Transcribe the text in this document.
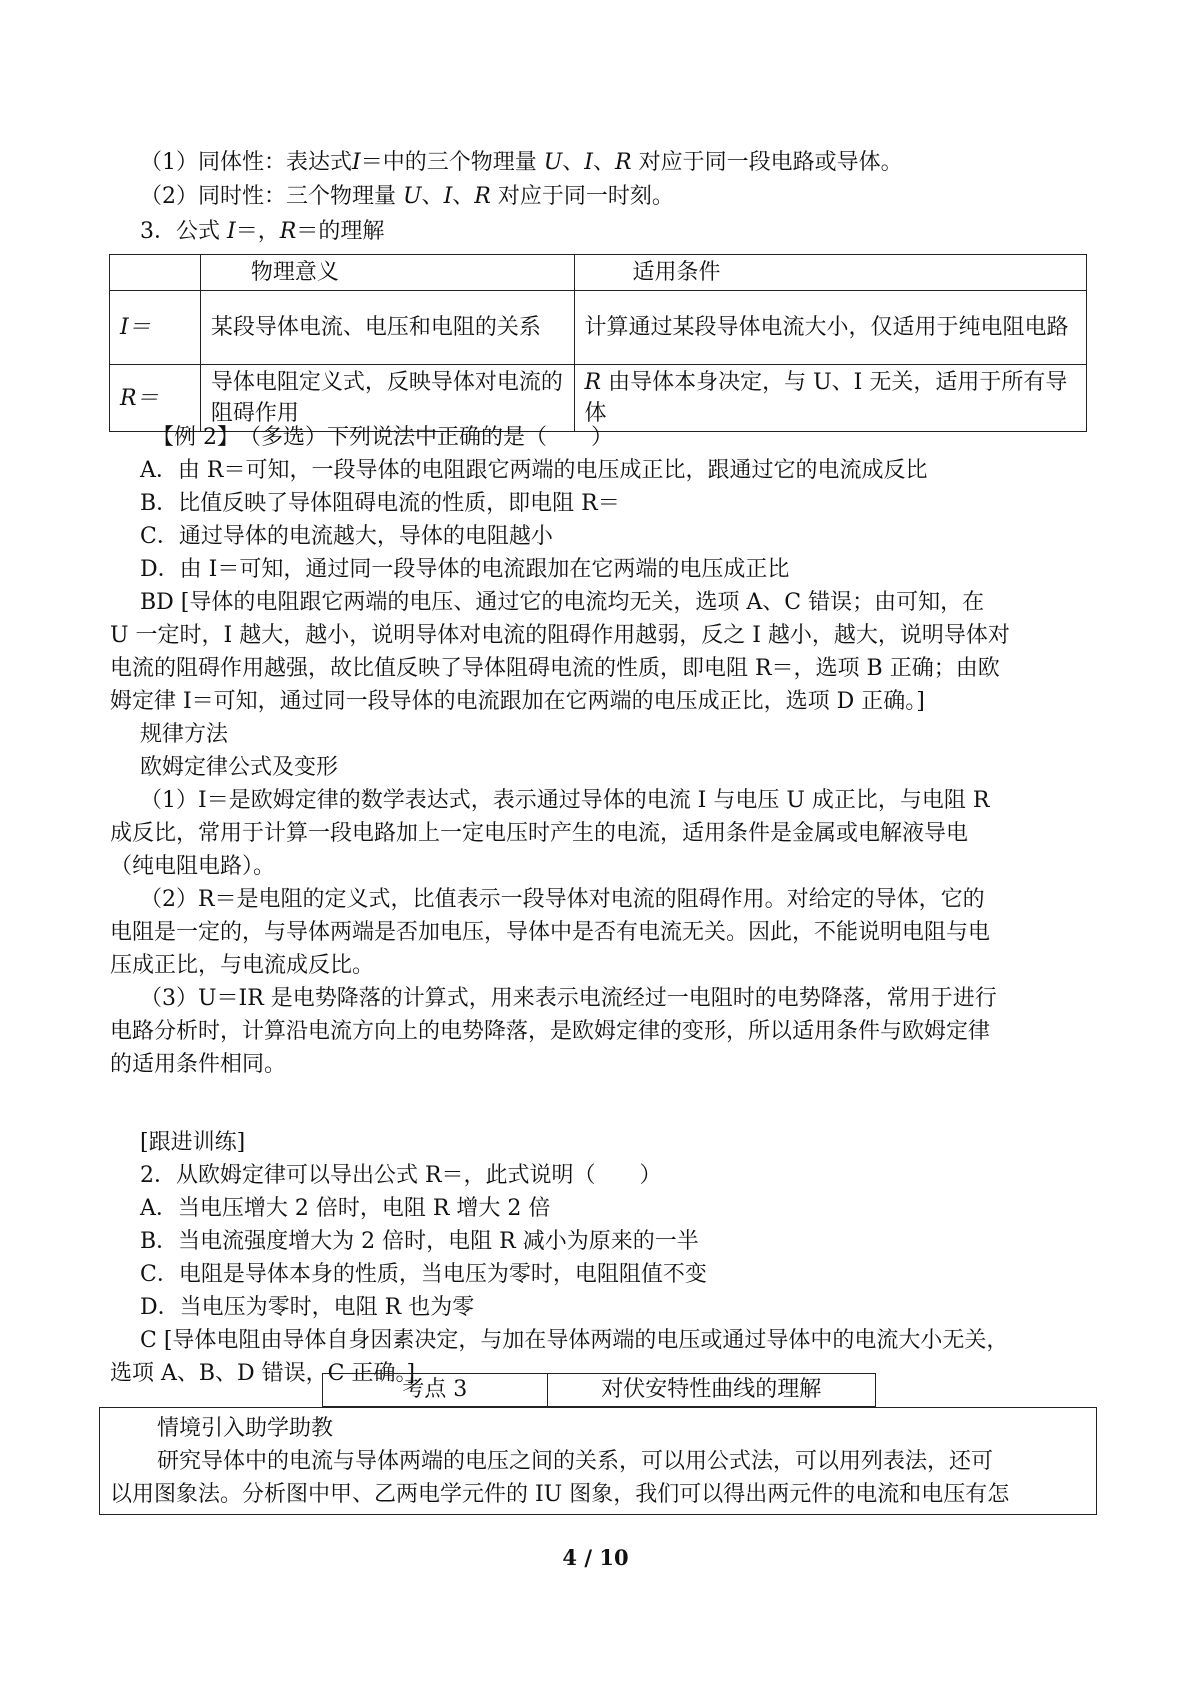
（1）同体性：表达式I＝中的三个物理量 U、I、R 对应于同一段电路或导体。
（2）同时性：三个物理量 U、I、R 对应于同一时刻。
3．公式 I＝，R＝的理解
	物理意义	适用条件
I＝	某段导体电流、电压和电阻的关系	计算通过某段导体电流大小，仅适用于纯电阻电路
R＝	导体电阻定义式，反映导体对电流的阻碍作用	R 由导体本身决定，与 U、I 无关，适用于所有导体
【例 2】　（多选）下列说法中正确的是（　　）
A．由 R＝可知，一段导体的电阻跟它两端的电压成正比，跟通过它的电流成反比
B．比值反映了导体阻碍电流的性质，即电阻 R＝
C．通过导体的电流越大，导体的电阻越小
D．由 I＝可知，通过同一段导体的电流跟加在它两端的电压成正比
BD [导体的电阻跟它两端的电压、通过它的电流均无关，选项 A、C 错误；由可知，在
U 一定时，I 越大，越小，说明导体对电流的阻碍作用越弱，反之 I 越小，越大，说明导体对
电流的阻碍作用越强，故比值反映了导体阻碍电流的性质，即电阻 R＝，选项 B 正确；由欧
姆定律 I＝可知，通过同一段导体的电流跟加在它两端的电压成正比，选项 D 正确。]
规律方法
欧姆定律公式及变形
（1）I＝是欧姆定律的数学表达式，表示通过导体的电流 I 与电压 U 成正比，与电阻 R
成反比，常用于计算一段电路加上一定电压时产生的电流，适用条件是金属或电解液导电
（纯电阻电路）。
（2）R＝是电阻的定义式，比值表示一段导体对电流的阻碍作用。对给定的导体，它的
电阻是一定的，与导体两端是否加电压，导体中是否有电流无关。因此，不能说明电阻与电
压成正比，与电流成反比。
（3）U＝IR 是电势降落的计算式，用来表示电流经过一电阻时的电势降落，常用于进行
电路分析时，计算沿电流方向上的电势降落，是欧姆定律的变形，所以适用条件与欧姆定律
的适用条件相同。
[跟进训练]
2．从欧姆定律可以导出公式 R＝，此式说明（　　）
A．当电压增大 2 倍时，电阻 R 增大 2 倍
B．当电流强度增大为 2 倍时，电阻 R 减小为原来的一半
C．电阻是导体本身的性质，当电压为零时，电阻阻值不变
D．当电压为零时，电阻 R 也为零
C [导体电阻由导体自身因素决定，与加在导体两端的电压或通过导体中的电流大小无关，
选项 A、B、D 错误，C 正确。]
考点 3	对伏安特性曲线的理解
情境引入助学助教
研究导体中的电流与导体两端的电压之间的关系，可以用公式法，可以用列表法，还可
以用图象法。分析图中甲、乙两电学元件的 IU 图象，我们可以得出两元件的电流和电压有怎
4 / 10
